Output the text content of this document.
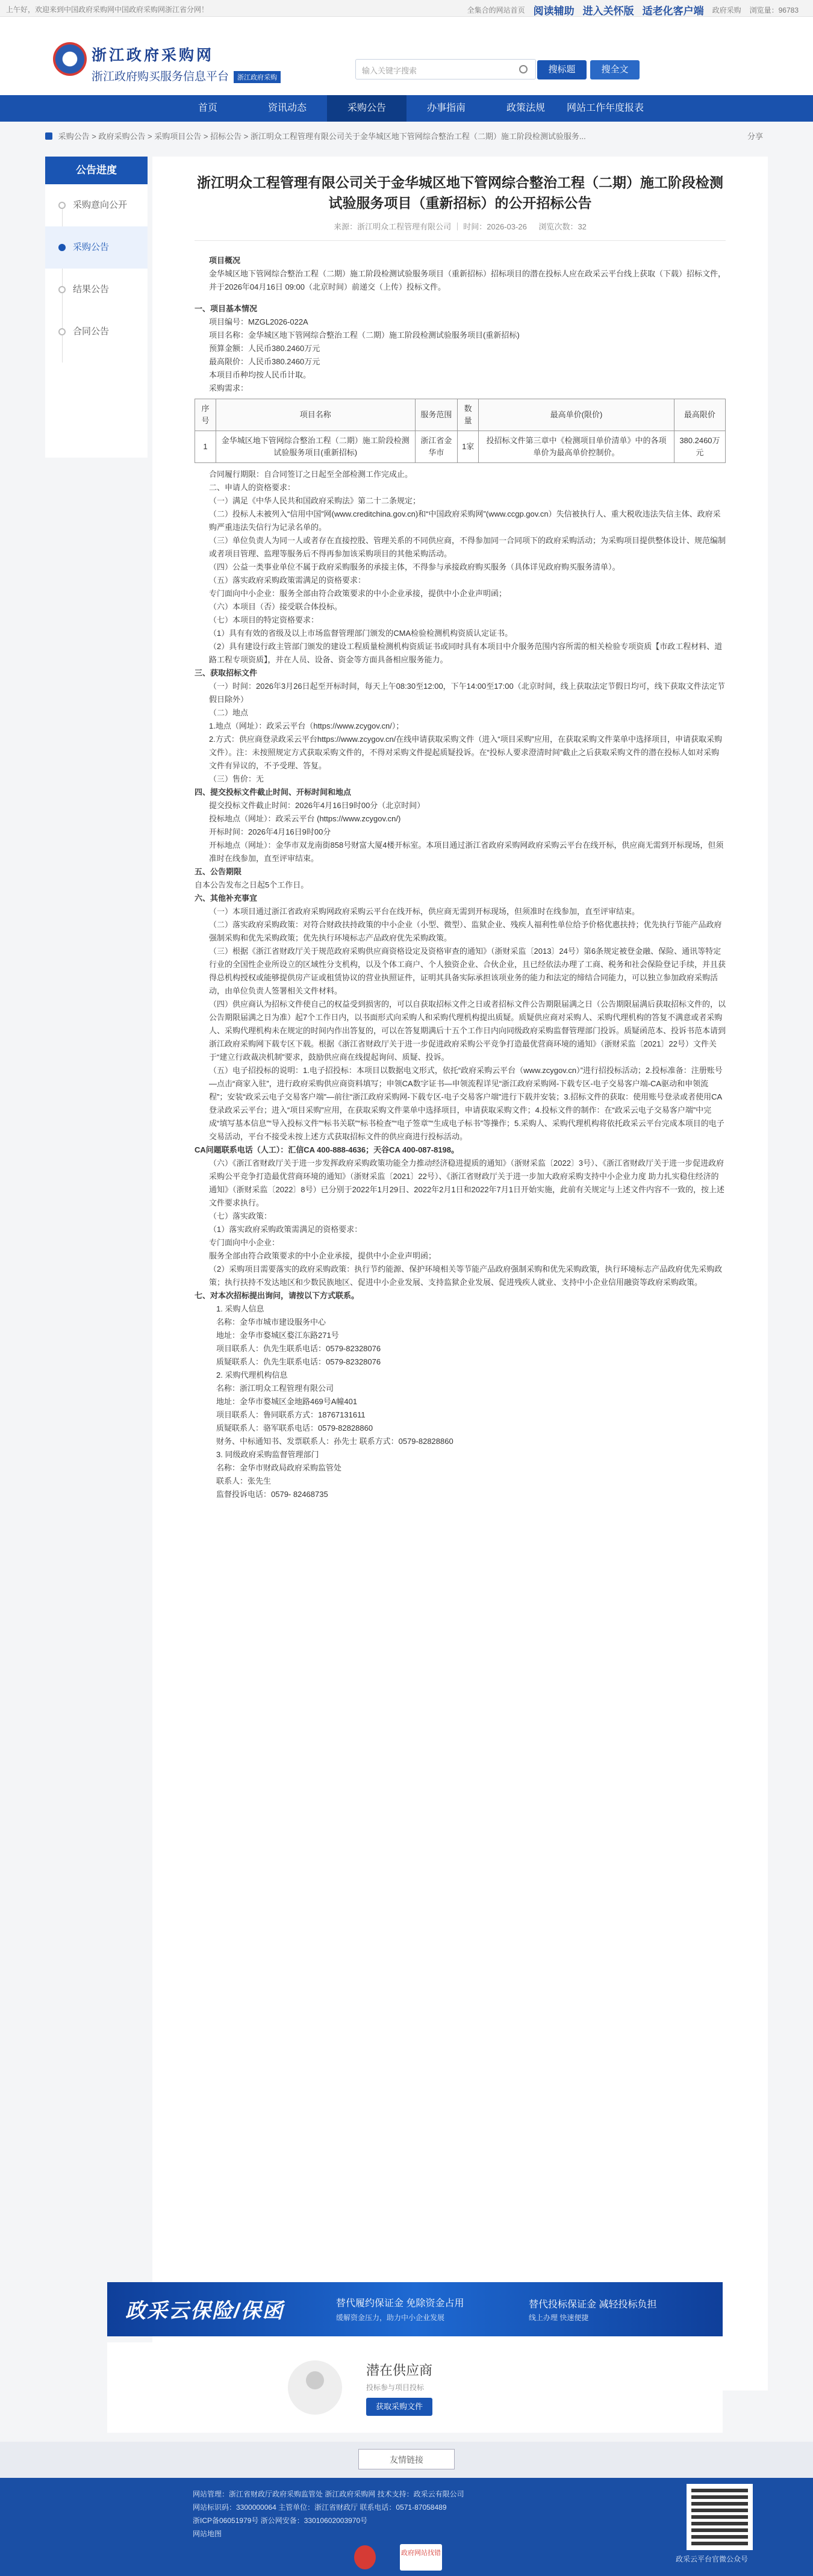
上午好，欢迎来到中国政府采购网中国政府采购网浙江省分网！	全集合的网站首页 阅读辅助 进入关怀版 适老化客户端 政府采购 浏览量：96783
浙江政府采购网
浙江政府购买服务信息平台 浙江政府采购
输入关键字搜索	搜标题	搜全文
首页	资讯动态	采购公告	办事指南	政策法规	网站工作年度报表
采购公告 > 政府采购公告 > 采购项目公告 > 招标公告 > 浙江明众工程管理有限公司关于金华城区地下管网综合整治工程（二期）施工阶段检测试验服务...	分享
公告进度
采购意向公开
采购公告
结果公告
合同公告
浙江明众工程管理有限公司关于金华城区地下管网综合整治工程（二期）施工阶段检测试验服务项目（重新招标）的公开招标公告
来源：浙江明众工程管理有限公司 ｜ 时间：2026-03-26 浏览次数：32

项目概况

金华城区地下管网综合整治工程（二期）施工阶段检测试验服务项目（重新招标）招标项目的潜在投标人应在政采云平台线上获取（下载）招标文件，并于2026年04月16日 09:00（北京时间）前递交（上传）投标文件。

一、项目基本情况

项目编号：MZGL2026-022A

项目名称：金华城区地下管网综合整治工程（二期）施工阶段检测试验服务项目(重新招标)

预算金额：人民币380.2460万元

最高限价：人民币380.2460万元

本项目币种均按人民币计取。

采购需求：

序号	项目名称	服务范围	数量	最高单价(限价)	最高限价
1	金华城区地下管网综合整治工程（二期）施工阶段检测试验服务项目(重新招标)	浙江省金华市	1家	投招标文件第三章中《检测项目单价清单》中的各项单价为最高单价控制价。	380.2460万元

合同履行期限：自合同签订之日起至全部检测工作完成止。

二、申请人的资格要求：

（一）满足《中华人民共和国政府采购法》第二十二条规定；

（二）投标人未被列入“信用中国”网(www.creditchina.gov.cn)和“中国政府采购网”(www.ccgp.gov.cn）失信被执行人、重大税收违法失信主体、政府采购严重违法失信行为记录名单的。

（三）单位负责人为同一人或者存在直接控股、管理关系的不同供应商，不得参加同一合同项下的政府采购活动；为采购项目提供整体设计、规范编制或者项目管理、监理等服务后不得再参加该采购项目的其他采购活动。

（四）公益一类事业单位不属于政府采购服务的承接主体，不得参与承接政府购买服务（具体详见政府购买服务清单）。

（五）落实政府采购政策需满足的资格要求：

专门面向中小企业：服务全部由符合政策要求的中小企业承接，提供中小企业声明函；

（六）本项目（否）接受联合体投标。

（七）本项目的特定资格要求：

（1）具有有效的省级及以上市场监督管理部门颁发的CMA检验检测机构资质认定证书。

（2）具有建设行政主管部门颁发的建设工程质量检测机构资质证书或同时具有本项目中介服务范围内容所需的相关检验专项资质【市政工程材料、道路工程专项资质】，并在人员、设备、资金等方面具备相应服务能力。

三、获取招标文件

（一）时间：2026年3月26日起至开标时间，每天上午08:30至12:00，下午14:00至17:00（北京时间，线上获取法定节假日均可，线下获取文件法定节假日除外）

（二）地点

1.地点（网址）：政采云平台（https://www.zcygov.cn/）；

2.方式：供应商登录政采云平台https://www.zcygov.cn/在线申请获取采购文件（进入“项目采购”应用，在获取采购文件菜单中选择项目，申请获取采购文件）。注：未按照规定方式获取采购文件的，不得对采购文件提起质疑投诉。在“投标人要求澄清时间”截止之后获取采购文件的潜在投标人如对采购文件有异议的，不予受理、答复。

（三）售价：无

四、提交投标文件截止时间、开标时间和地点

提交投标文件截止时间：2026年4月16日9时00分（北京时间）

投标地点（网址）：政采云平台 (https://www.zcygov.cn/)

开标时间：2026年4月16日9时00分

开标地点（网址）：金华市双龙南街858号财富大厦4楼开标室。本项目通过浙江省政府采购网政府采购云平台在线开标，供应商无需到开标现场，但须准时在线参加，直至评审结束。

五、公告期限

自本公告发布之日起5个工作日。

六、其他补充事宜

（一）本项目通过浙江省政府采购网政府采购云平台在线开标，供应商无需到开标现场，但须准时在线参加，直至评审结束。

（二）落实政府采购政策：对符合财政扶持政策的中小企业（小型、微型）、监狱企业、残疾人福利性单位给予价格优惠扶持；优先执行节能产品政府强制采购和优先采购政策；优先执行环境标志产品政府优先采购政策。

（三）根据《浙江省财政厅关于规范政府采购供应商资格设定及资格审查的通知》（浙财采监〔2013〕24号）第6条规定被登金融、保险、通讯等特定行业的全国性企业所设立的区域性分支机构，以及个体工商户、个人独资企业、合伙企业，且已经依法办理了工商、税务和社会保险登记手续，并且获得总机构授权或能够提供房产证或租赁协议的营业执照证件，证明其具备实际承担该项业务的能力和法定的缔结合同能力，可以独立参加政府采购活动，由单位负责人签署相关文件材料。

（四）供应商认为招标文件使自己的权益受到损害的，可以自获取招标文件之日或者招标文件公告期限届满之日（公告期限届满后获取招标文件的，以公告期限届满之日为准）起7个工作日内，以书面形式向采购人和采购代理机构提出质疑。质疑供应商对采购人、采购代理机构的答复不满意或者采购人、采购代理机构未在规定的时间内作出答复的，可以在答复期满后十五个工作日内向同级政府采购监督管理部门投诉。质疑函范本、投诉书范本请到浙江政府采购网下载专区下载。根据《浙江省财政厅关于进一步促进政府采购公平竞争打造最优营商环境的通知》（浙财采监〔2021〕22号）文件关于“建立行政裁决机制”要求，鼓励供应商在线提起询问、质疑、投诉。

（五）电子招投标的说明：1.电子招投标：本项目以数据电文形式，依托“政府采购云平台（www.zcygov.cn）”进行招投标活动；2.投标准备：注册账号—点击“商家入驻”，进行政府采购供应商资料填写；申领CA数字证书—申领流程详见“浙江政府采购网-下载专区-电子交易客户端-CA驱动和申领流程”；安装“政采云电子交易客户端”—前往“浙江政府采购网-下载专区-电子交易客户端”进行下载并安装；3.招标文件的获取：使用账号登录或者使用CA登录政采云平台；进入“项目采购”应用，在获取采购文件菜单中选择项目，申请获取采购文件；4.投标文件的制作：在“政采云电子交易客户端”中完成“填写基本信息”“导入投标文件”“标书关联”“标书检查”“电子签章”“生成电子标书”等操作；5.采购人、采购代理机构将依托政采云平台完成本项目的电子交易活动，平台不接受未按上述方式获取招标文件的供应商进行投标活动。

CA问题联系电话（人工）：汇信CA 400-888-4636；天谷CA 400-087-8198。

（六）《浙江省财政厅关于进一步发挥政府采购政策功能全力推动经济稳进提质的通知》（浙财采监〔2022〕3号）、《浙江省财政厅关于进一步促进政府采购公平竞争打造最优营商环境的通知》（浙财采监〔2021〕22号）、《浙江省财政厅关于进一步加大政府采购支持中小企业力度 助力扎实稳住经济的通知》（浙财采监〔2022〕8号）已分别于2022年1月29日、2022年2月1日和2022年7月1日开始实施，此前有关规定与上述文件内容不一致的，按上述文件要求执行。

（七）落实政策：

（1）落实政府采购政策需满足的资格要求：

专门面向中小企业：

服务全部由符合政策要求的中小企业承接，提供中小企业声明函；

（2）采购项目需要落实的政府采购政策：执行节约能源、保护环境相关等节能产品政府强制采购和优先采购政策，执行环境标志产品政府优先采购政策；执行扶持不发达地区和少数民族地区、促进中小企业发展、支持监狱企业发展、促进残疾人就业、支持中小企业信用融资等政府采购政策。

七、对本次招标提出询问，请按以下方式联系。

1. 采购人信息

名称：金华市城市建设服务中心

地址：金华市婺城区婺江东路271号

项目联系人：仇先生联系电话：0579-82328076

质疑联系人：仇先生联系电话：0579-82328076

2. 采购代理机构信息

名称：浙江明众工程管理有限公司

地址：金华市婺城区金地路469号A幢401

项目联系人：鲁同联系方式：18767131611

质疑联系人：骆军联系电话：0579-82828860

财务、中标通知书、发票联系人：孙先士 联系方式：0579-82828860

3. 同级政府采购监督管理部门

名称：金华市财政局政府采购监管处

联系人：张先生

监督投诉电话：0579- 82468735

政采云保险/保函	替代履约保证金 免除资金占用
缓解资金压力，助力中小企业发展
替代投标保证金 减轻投标负担
线上办理 快速便捷
潜在供应商
投标参与项目投标
获取采购文件
友情链接
网站管理：浙江省财政厅政府采购监管处 浙江政府采购网 技术支持：政采云有限公司
网站标识码：3300000064 主管单位：浙江省财政厅 联系电话：0571-87058489
浙ICP备06051979号 浙公网安备：33010602003970号
网站地图
政府网站找错
政采云平台官微公众号
